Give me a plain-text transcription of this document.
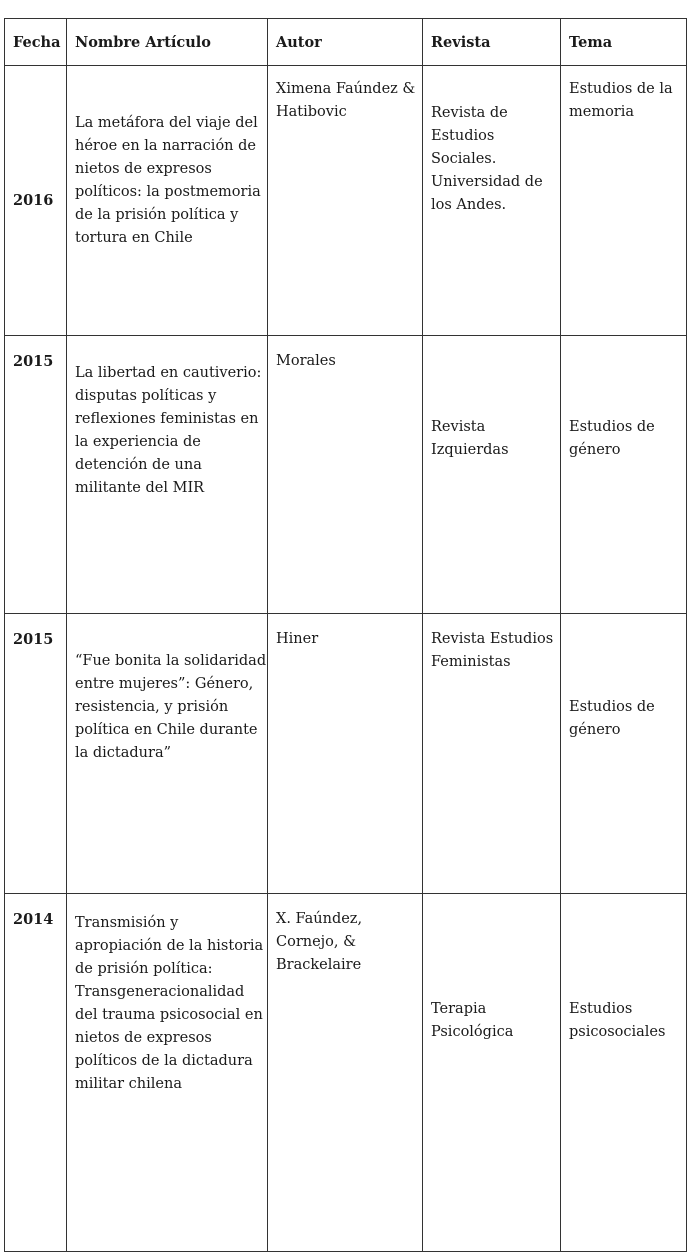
Fecha	Nombre Artículo	Autor	Revista	Tema

2016	La metáfora del viaje del héroe en la narración de nietos de expresos políticos: la postmemoria de la prisión política y tortura en Chile	Ximena Faúndez & Hatibovic	Revista de Estudios Sociales. Universidad de los Andes.	Estudios de la memoria

2015	La libertad en cautiverio: disputas políticas y reflexiones feministas en la experiencia de detención de una militante del MIR	Morales	Revista Izquierdas	Estudios de género

2015	“Fue bonita la solidaridad entre mujeres”: Género, resistencia, y prisión política en Chile durante la dictadura”	Hiner	Revista Estudios Feministas	Estudios de género

2014	Transmisión y apropiación de la historia de prisión política: Transgeneracionalidad del trauma psicosocial en nietos de expresos políticos de la dictadura militar chilena	X. Faúndez, Cornejo, & Brackelaire	Terapia Psicológica	Estudios psicosociales
